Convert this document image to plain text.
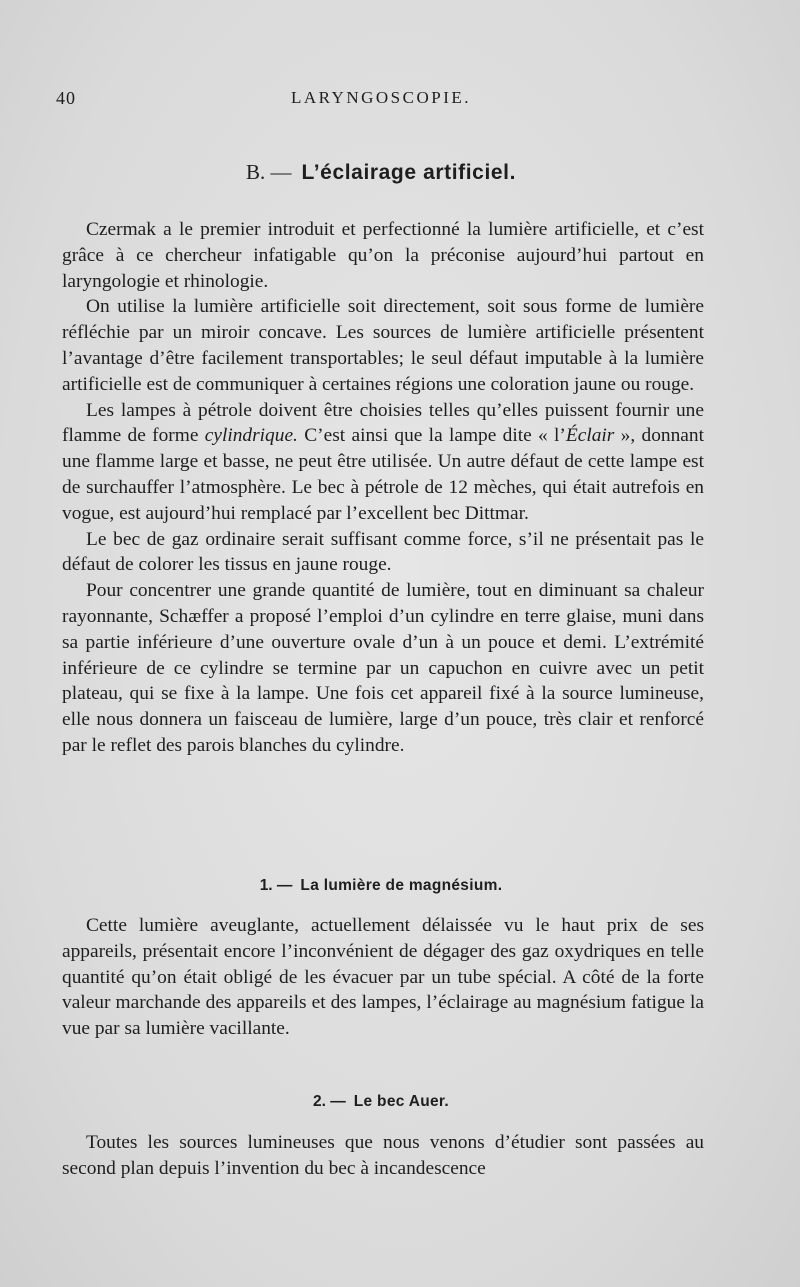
40	LARYNGOSCOPIE.
B. — L’éclairage artificiel.

Czermak a le premier introduit et perfectionné la lumière artificielle, et c’est grâce à ce chercheur infatigable qu’on la préconise aujourd’hui partout en laryngologie et rhinologie.

On utilise la lumière artificielle soit directement, soit sous forme de lumière réfléchie par un miroir concave. Les sources de lumière artificielle présentent l’avantage d’être facilement transportables; le seul défaut imputable à la lumière artificielle est de communiquer à certaines régions une coloration jaune ou rouge.

Les lampes à pétrole doivent être choisies telles qu’elles puissent fournir une flamme de forme cylindrique. C’est ainsi que la lampe dite « l’Éclair », donnant une flamme large et basse, ne peut être utilisée. Un autre défaut de cette lampe est de surchauffer l’atmosphère. Le bec à pétrole de 12 mèches, qui était autrefois en vogue, est aujourd’hui remplacé par l’excellent bec Dittmar.

Le bec de gaz ordinaire serait suffisant comme force, s’il ne présentait pas le défaut de colorer les tissus en jaune rouge.

Pour concentrer une grande quantité de lumière, tout en diminuant sa chaleur rayonnante, Schæffer a proposé l’emploi d’un cylindre en terre glaise, muni dans sa partie inférieure d’une ouverture ovale d’un à un pouce et demi. L’extrémité inférieure de ce cylindre se termine par un capuchon en cuivre avec un petit plateau, qui se fixe à la lampe. Une fois cet appareil fixé à la source lumineuse, elle nous donnera un faisceau de lumière, large d’un pouce, très clair et renforcé par le reflet des parois blanches du cylindre.

1. — La lumière de magnésium.

Cette lumière aveuglante, actuellement délaissée vu le haut prix de ses appareils, présentait encore l’inconvénient de dégager des gaz oxydriques en telle quantité qu’on était obligé de les évacuer par un tube spécial. A côté de la forte valeur marchande des appareils et des lampes, l’éclairage au magnésium fatigue la vue par sa lumière vacillante.

2. — Le bec Auer.

Toutes les sources lumineuses que nous venons d’étudier sont passées au second plan depuis l’invention du bec à incandescence
